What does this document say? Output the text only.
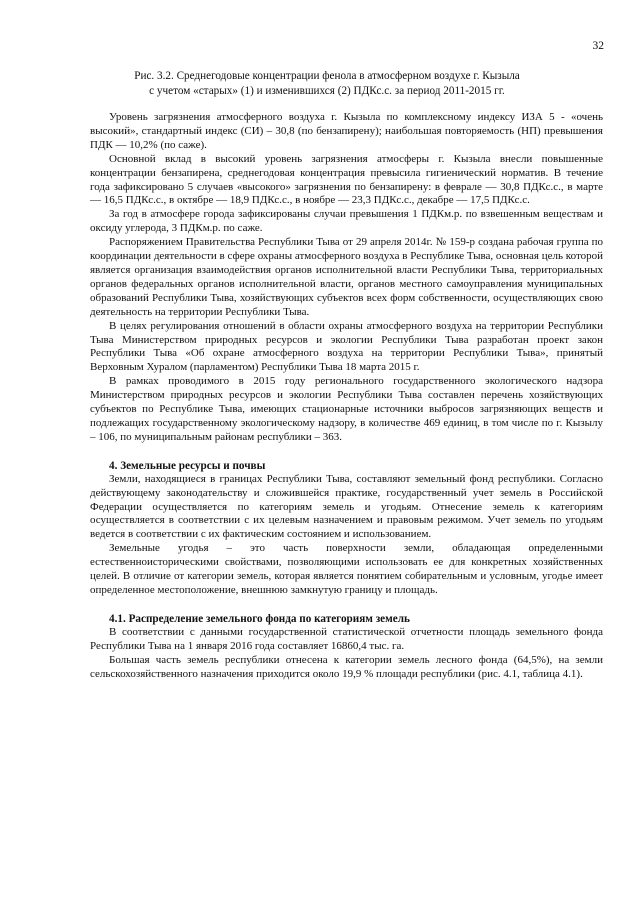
32
Рис. 3.2. Среднегодовые концентрации фенола в атмосферном воздухе г. Кызыла
с учетом «старых» (1) и изменившихся (2) ПДКс.с. за период 2011-2015 гг.

Уровень загрязнения атмосферного воздуха г. Кызыла по комплексному индексу ИЗА 5 - «очень высокий», стандартный индекс (СИ) – 30,8 (по бензапирену); наибольшая повторяемость (НП) превышения ПДК — 10,2% (по саже).

Основной вклад в высокий уровень загрязнения атмосферы г. Кызыла внесли повышенные концентрации бензапирена, среднегодовая концентрация превысила гигиенический норматив. В течение года зафиксировано 5 случаев «высокого» загрязнения по бензапирену: в феврале — 30,8 ПДКс.с., в марте — 16,5 ПДКс.с., в октябре — 18,9 ПДКс.с., в ноябре — 23,3 ПДКс.с., декабре — 17,5 ПДКс.с.

За год в атмосфере города зафиксированы случаи превышения 1 ПДКм.р. по взвешенным веществам и оксиду углерода, 3 ПДКм.р. по саже.

Распоряжением Правительства Республики Тыва от 29 апреля 2014г. № 159-р создана рабочая группа по координации деятельности в сфере охраны атмосферного воздуха в Республике Тыва, основная цель которой является организация взаимодействия органов исполнительной власти Республики Тыва, территориальных органов федеральных органов исполнительной власти, органов местного самоуправления муниципальных образований Республики Тыва, хозяйствующих субъектов всех форм собственности, осуществляющих свою деятельность на территории Республики Тыва.

В целях регулирования отношений в области охраны атмосферного воздуха на территории Республики Тыва Министерством природных ресурсов и экологии Республики Тыва разработан проект закон Республики Тыва «Об охране атмосферного воздуха на территории Республики Тыва», принятый Верховным Хуралом (парламентом) Республики Тыва 18 марта 2015 г.

В рамках проводимого в 2015 году регионального государственного экологического надзора Министерством природных ресурсов и экологии Республики Тыва составлен перечень хозяйствующих субъектов по Республике Тыва, имеющих стационарные источники выбросов загрязняющих веществ и подлежащих государственному экологическому надзору, в количестве 469 единиц, в том числе по г. Кызылу – 106, по муниципальным районам республики – 363.

4. Земельные ресурсы и почвы

Земли, находящиеся в границах Республики Тыва, составляют земельный фонд республики. Согласно действующему законодательству и сложившейся практике, государственный учет земель в Российской Федерации осуществляется по категориям земель и угодьям. Отнесение земель к категориям осуществляется в соответствии с их целевым назначением и правовым режимом. Учет земель по угодьям ведется в соответствии с их фактическим состоянием и использованием.

Земельные угодья – это часть поверхности земли, обладающая определенными естественноисторическими свойствами, позволяющими использовать ее для конкретных хозяйственных целей. В отличие от категории земель, которая является понятием собирательным и условным, угодье имеет определенное местоположение, внешнюю замкнутую границу и площадь.

4.1. Распределение земельного фонда по категориям земель

В соответствии с данными государственной статистической отчетности площадь земельного фонда Республики Тыва на 1 января 2016 года составляет 16860,4 тыс. га.

Большая часть земель республики отнесена к категории земель лесного фонда (64,5%), на земли сельскохозяйственного назначения приходится около 19,9 % площади республики (рис. 4.1, таблица 4.1).
